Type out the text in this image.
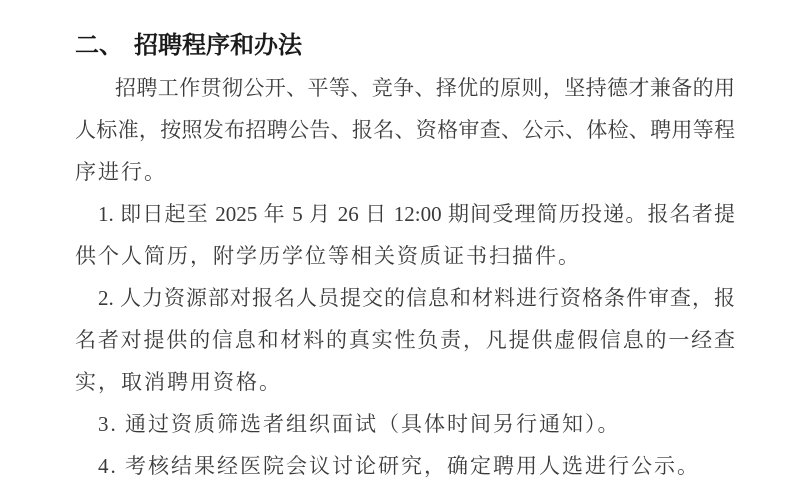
二、 招聘程序和办法
招聘工作贯彻公开、平等、竞争、择优的原则，坚持德才兼备的用
人标准，按照发布招聘公告、报名、资格审查、公示、体检、聘用等程
序进行。
1. 即日起至 2025 年 5 月 26 日 12:00 期间受理简历投递。报名者提
供个人简历，附学历学位等相关资质证书扫描件。
2. 人力资源部对报名人员提交的信息和材料进行资格条件审查，报
名者对提供的信息和材料的真实性负责，凡提供虚假信息的一经查
实，取消聘用资格。
3. 通过资质筛选者组织面试（具体时间另行通知）。
4. 考核结果经医院会议讨论研究，确定聘用人选进行公示。
